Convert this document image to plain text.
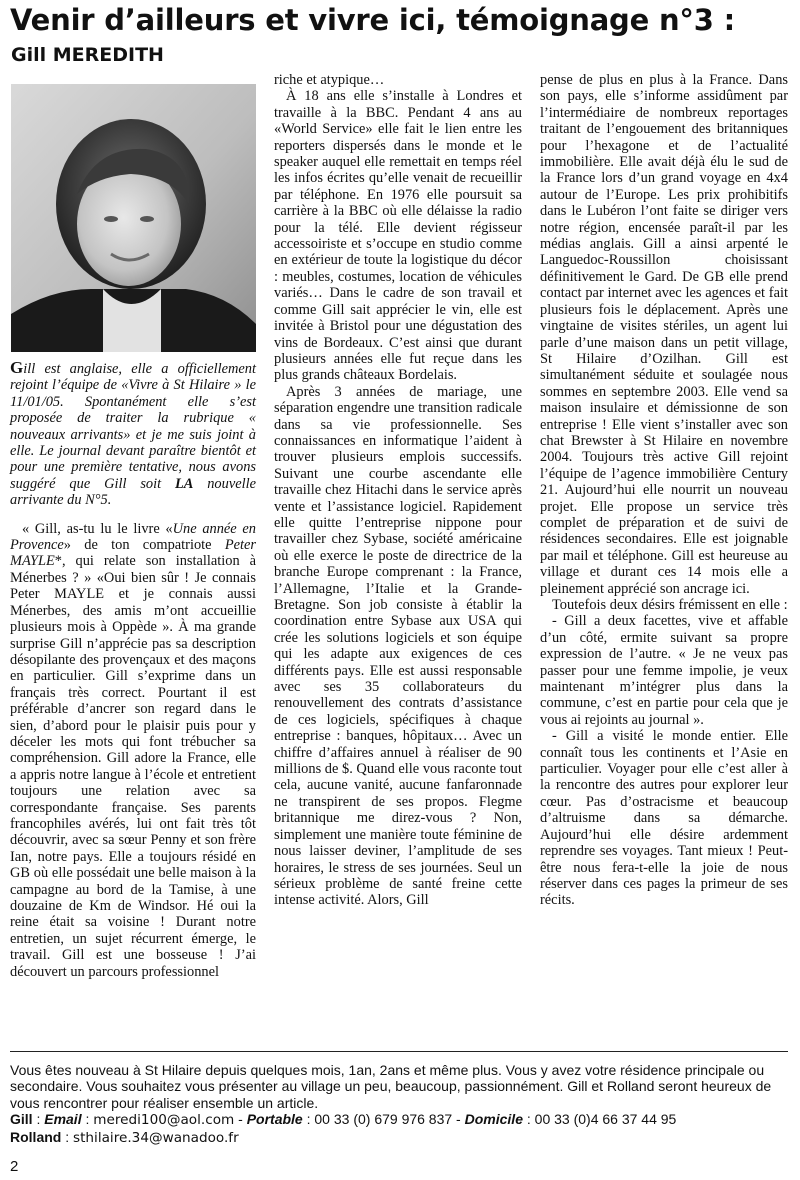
Venir d’ailleurs et vivre ici, témoignage n°3 :
Gill MEREDITH

Gill est anglaise, elle a officiellement rejoint l’équipe de «Vivre à St Hilaire » le 11/01/05. Spontanément elle s’est proposée de traiter la rubrique « nouveaux arrivants» et je me suis joint à elle. Le journal devant paraître bientôt et pour une première tentative, nous avons suggéré que Gill soit LA nouvelle arrivante du N°5.

« Gill, as-tu lu le livre «Une année en Provence» de ton compatriote Peter MAYLE*, qui relate son installation à Ménerbes ? » «Oui bien sûr ! Je connais Peter MAYLE et je connais aussi Ménerbes, des amis m’ont accueillie plusieurs mois à Oppède ». À ma grande surprise Gill n’apprécie pas sa description désopilante des provençaux et des maçons en particulier. Gill s’exprime dans un français très correct. Pourtant il est préférable d’ancrer son regard dans le sien, d’abord pour le plaisir puis pour y déceler les mots qui font trébucher sa compréhension. Gill adore la France, elle a appris notre langue à l’école et entretient toujours une relation avec sa correspondante française. Ses parents francophiles avérés, lui ont fait très tôt découvrir, avec sa sœur Penny et son frère Ian, notre pays. Elle a toujours résidé en GB où elle possédait une belle maison à la campagne au bord de la Tamise, à une douzaine de Km de Windsor. Hé oui la reine était sa voisine ! Durant notre entretien, un sujet récurrent émerge, le travail. Gill est une bosseuse ! J’ai découvert un parcours professionnel

riche et atypique…

À 18 ans elle s’installe à Londres et travaille à la BBC. Pendant 4 ans au «World Service» elle fait le lien entre les reporters dispersés dans le monde et le speaker auquel elle remettait en temps réel les infos écrites qu’elle venait de recueillir par téléphone. En 1976 elle poursuit sa carrière à la BBC où elle délaisse la radio pour la télé. Elle devient régisseur accessoiriste et s’occupe en studio comme en extérieur de toute la logistique du décor : meubles, costumes, location de véhicules variés… Dans le cadre de son travail et comme Gill sait apprécier le vin, elle est invitée à Bristol pour une dégustation des vins de Bordeaux. C’est ainsi que durant plusieurs années elle fut reçue dans les plus grands châteaux Bordelais.

Après 3 années de mariage, une séparation engendre une transition radicale dans sa vie professionnelle. Ses connaissances en informatique l’aident à trouver plusieurs emplois successifs. Suivant une courbe ascendante elle travaille chez Hitachi dans le service après vente et l’assistance logiciel. Rapidement elle quitte l’entreprise nippone pour travailler chez Sybase, société américaine où elle exerce le poste de directrice de la branche Europe comprenant : la France, l’Allemagne, l’Italie et la Grande-Bretagne. Son job consiste à établir la coordination entre Sybase aux USA qui crée les solutions logiciels et son équipe qui les adapte aux exigences de ces différents pays. Elle est aussi responsable avec ses 35 collaborateurs du renouvellement des contrats d’assistance de ces logiciels, spécifiques à chaque entreprise : banques, hôpitaux… Avec un chiffre d’affaires annuel à réaliser de 90 millions de $. Quand elle vous raconte tout cela, aucune vanité, aucune fanfaronnade ne transpirent de ses propos. Flegme britannique me direz-vous ? Non, simplement une manière toute féminine de nous laisser deviner, l’amplitude de ses horaires, le stress de ses journées. Seul un sérieux problème de santé freine cette intense activité. Alors, Gill

pense de plus en plus à la France. Dans son pays, elle s’informe assidûment par l’intermédiaire de nombreux reportages traitant de l’engouement des britanniques pour l’hexagone et de l’actualité immobilière. Elle avait déjà élu le sud de la France lors d’un grand voyage en 4x4 autour de l’Europe. Les prix prohibitifs dans le Lubéron l’ont faite se diriger vers notre région, encensée paraît-il par les médias anglais. Gill a ainsi arpenté le Languedoc-Roussillon choisissant définitivement le Gard. De GB elle prend contact par internet avec les agences et fait plusieurs fois le déplacement. Après une vingtaine de visites stériles, un agent lui parle d’une maison dans un petit village, St Hilaire d’Ozilhan. Gill est simultanément séduite et soulagée nous sommes en septembre 2003. Elle vend sa maison insulaire et démissionne de son entreprise ! Elle vient s’installer avec son chat Brewster à St Hilaire en novembre 2004. Toujours très active Gill rejoint l’équipe de l’agence immobilière Century 21. Aujourd’hui elle nourrit un nouveau projet. Elle propose un service très complet de préparation et de suivi de résidences secondaires. Elle est joignable par mail et téléphone. Gill est heureuse au village et durant ces 14 mois elle a pleinement apprécié son ancrage ici.

Toutefois deux désirs frémissent en elle :

- Gill a deux facettes, vive et affable d’un côté, ermite suivant sa propre expression de l’autre. « Je ne veux pas passer pour une femme impolie, je veux maintenant m’intégrer plus dans la commune, c’est en partie pour cela que je vous ai rejoints au journal ».

- Gill a visité le monde entier. Elle connaît tous les continents et l’Asie en particulier. Voyager pour elle c’est aller à la rencontre des autres pour explorer leur cœur. Pas d’ostracisme et beaucoup d’altruisme dans sa démarche. Aujourd’hui elle désire ardemment reprendre ses voyages. Tant mieux ! Peut-être nous fera-t-elle la joie de nous réserver dans ces pages la primeur de ses récits.

Vous êtes nouveau à St Hilaire depuis quelques mois, 1an, 2ans et même plus. Vous y avez votre résidence principale ou secondaire. Vous souhaitez vous présenter au village un peu, beaucoup, passionnément. Gill et Rolland seront heureux de vous rencontrer pour réaliser ensemble un article.

Gill : Email : meredi100@aol.com - Portable : 00 33 (0) 679 976 837 - Domicile : 00 33 (0)4 66 37 44 95

Rolland : sthilaire.34@wanadoo.fr

2
